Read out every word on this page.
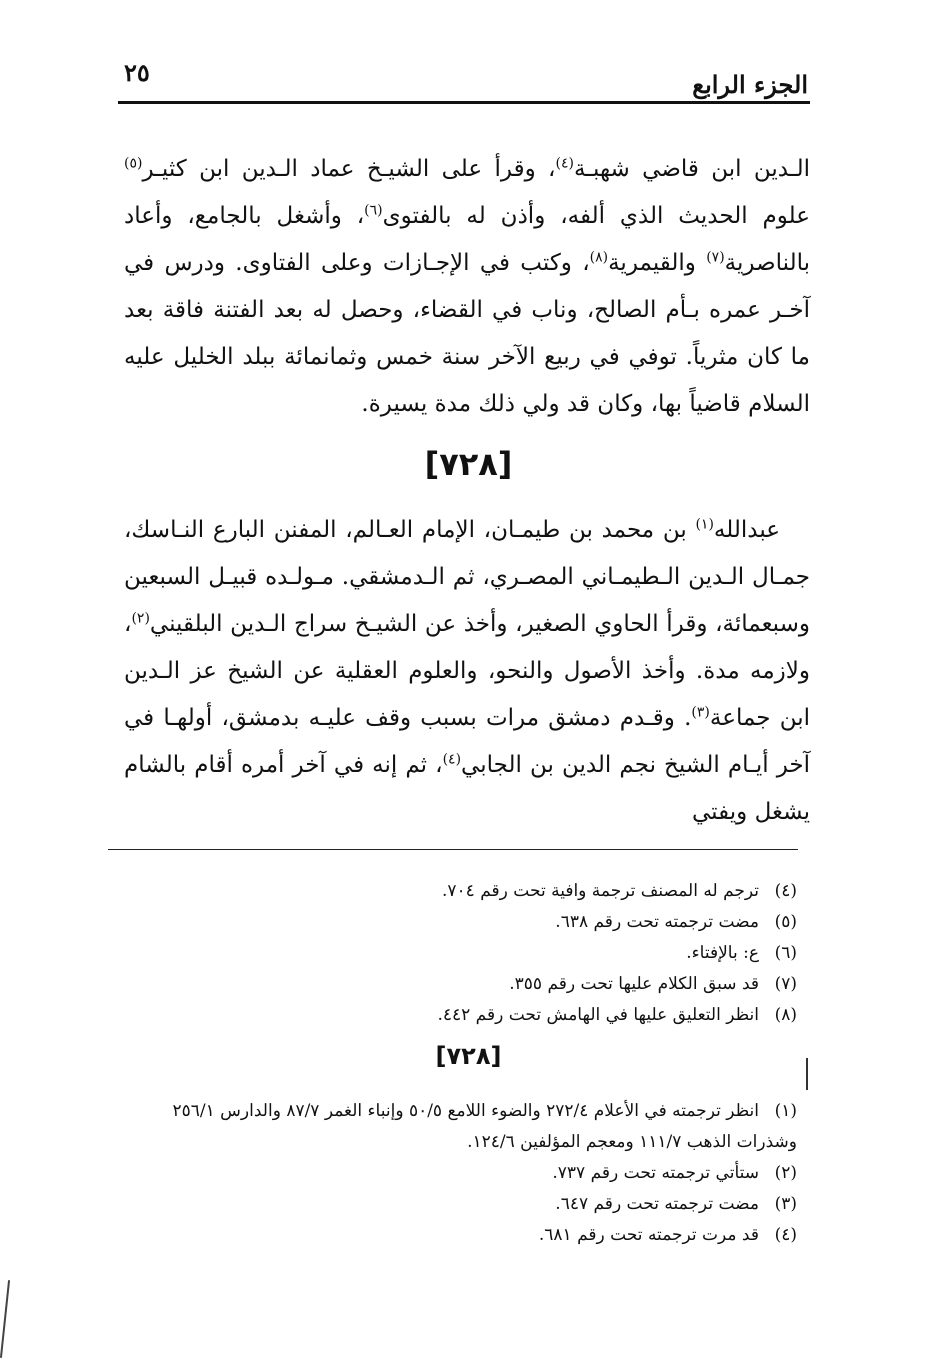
٢٥	الجزء الرابع

الـدين ابن قاضي شهبـة$^{(٤)}$، وقرأ على الشيـخ عماد الـدين ابن كثيـر$^{(٥)}$ علوم الحديث الذي ألفه، وأذن له بالفتوى$^{(٦)}$، وأشغل بالجامع، وأعاد بالناصرية$^{(٧)}$ والقيمرية$^{(٨)}$، وكتب في الإجـازات وعلى الفتاوى. ودرس في آخـر عمره بـأم الصالح، وناب في القضاء، وحصل له بعد الفتنة فاقة بعد ما كان مثرياً. توفي في ربيع الآخر سنة خمس وثمانمائة ببلد الخليل عليه السلام قاضياً بها، وكان قد ولي ذلك مدة يسيرة.

[٧٢٨]

عبدالله$^{(١)}$ بن محمد بن طيمـان، الإمام العـالم، المفنن البارع النـاسك، جمـال الـدين الـطيمـاني المصـري، ثم الـدمشقي. مـولـده قبيـل السبعين وسبعمائة، وقرأ الحاوي الصغير، وأخذ عن الشيـخ سراج الـدين البلقيني$^{(٢)}$، ولازمه مدة. وأخذ الأصول والنحو، والعلوم العقلية عن الشيخ عز الـدين ابن جماعة$^{(٣)}$. وقـدم دمشق مرات بسبب وقف عليـه بدمشق، أولهـا في آخر أيـام الشيخ نجم الدين بن الجابي$^{(٤)}$، ثم إنه في آخر أمره أقام بالشام يشغل ويفتي

(٤)ترجم له المصنف ترجمة وافية تحت رقم ٧٠٤.
(٥)مضت ترجمته تحت رقم ٦٣٨.
(٦)ع: بالإفتاء.
(٧)قد سبق الكلام عليها تحت رقم ٣٥٥.
(٨)انظر التعليق عليها في الهامش تحت رقم ٤٤٢.
[٧٢٨]
(١)انظر ترجمته في الأعلام ٢٧٢/٤ والضوء اللامع ٥٠/٥ وإنباء الغمر ٨٧/٧ والدارس ٢٥٦/١
وشذرات الذهب ١١١/٧ ومعجم المؤلفين ١٢٤/٦.
(٢)ستأتي ترجمته تحت رقم ٧٣٧.
(٣)مضت ترجمته تحت رقم ٦٤٧.
(٤)قد مرت ترجمته تحت رقم ٦٨١.
